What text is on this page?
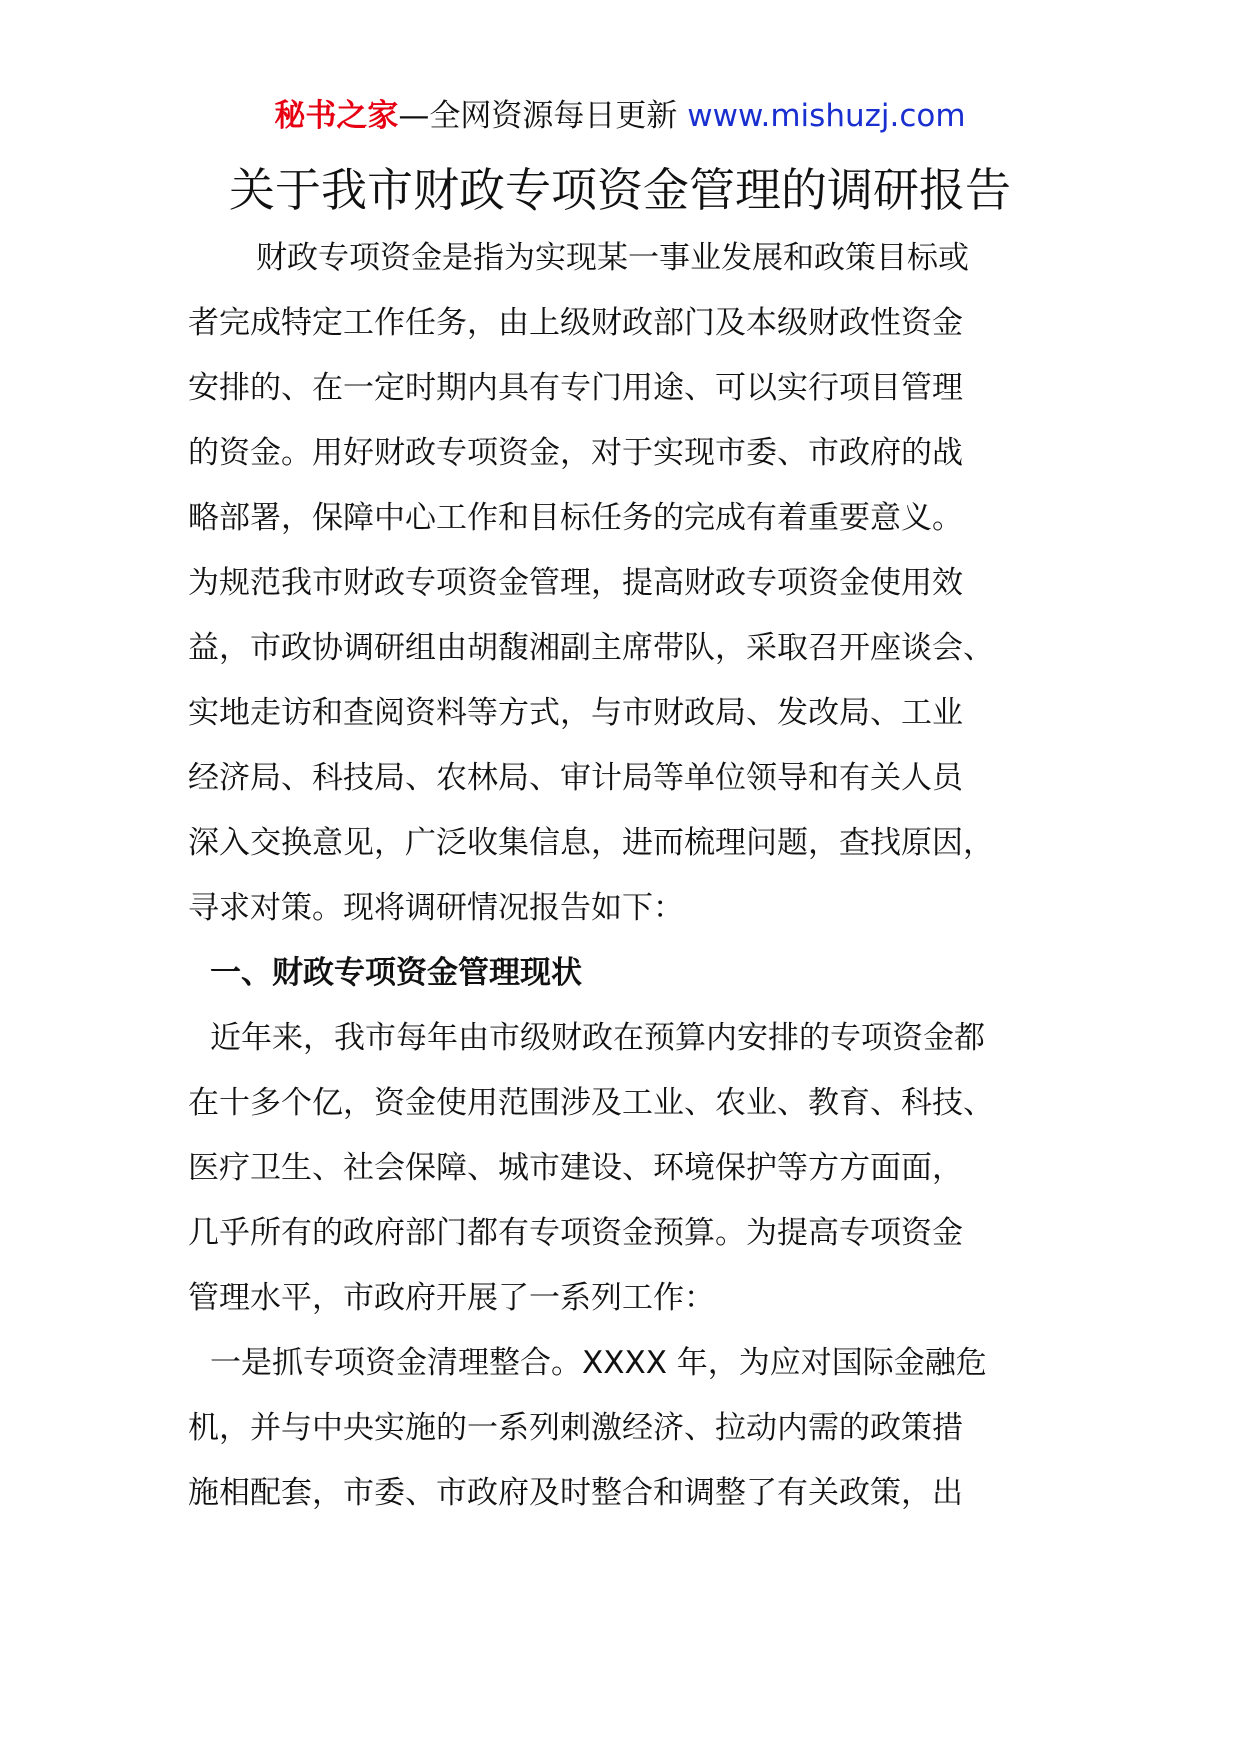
秘书之家—全网资源每日更新 www.mishuzj.com
关于我市财政专项资金管理的调研报告
财政专项资金是指为实现某一事业发展和政策目标或
者完成特定工作任务，由上级财政部门及本级财政性资金
安排的、在一定时期内具有专门用途、可以实行项目管理
的资金。用好财政专项资金，对于实现市委、市政府的战
略部署，保障中心工作和目标任务的完成有着重要意义。
为规范我市财政专项资金管理，提高财政专项资金使用效
益，市政协调研组由胡馥湘副主席带队，采取召开座谈会、
实地走访和查阅资料等方式，与市财政局、发改局、工业
经济局、科技局、农林局、审计局等单位领导和有关人员
深入交换意见，广泛收集信息，进而梳理问题，查找原因，
寻求对策。现将调研情况报告如下：
一、财政专项资金管理现状
近年来，我市每年由市级财政在预算内安排的专项资金都
在十多个亿，资金使用范围涉及工业、农业、教育、科技、
医疗卫生、社会保障、城市建设、环境保护等方方面面，
几乎所有的政府部门都有专项资金预算。为提高专项资金
管理水平，市政府开展了一系列工作：
一是抓专项资金清理整合。XXXX 年，为应对国际金融危
机，并与中央实施的一系列刺激经济、拉动内需的政策措
施相配套，市委、市政府及时整合和调整了有关政策，出
